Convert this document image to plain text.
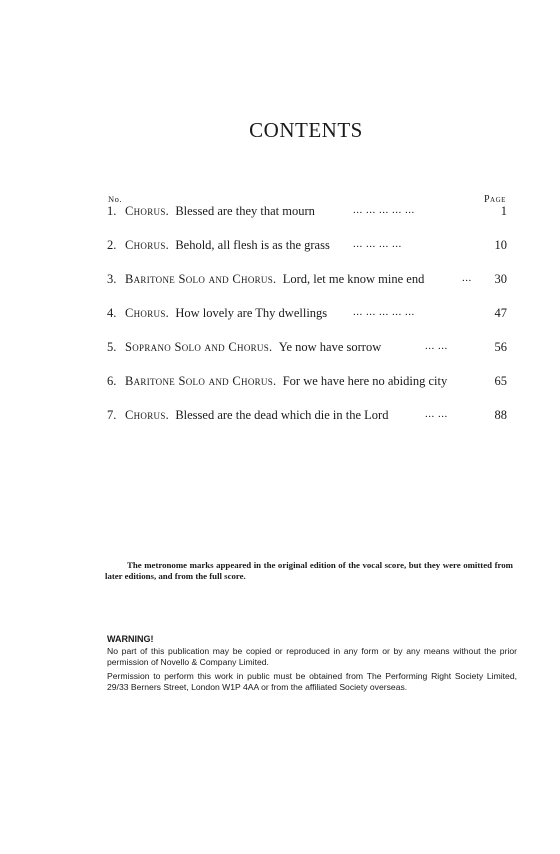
CONTENTS
No.	Page
1. Chorus. Blessed are they that mourn	... ... ... ... ...	1
2. Chorus. Behold, all flesh is as the grass ... ... ... ...	10
3. Baritone Solo and Chorus. Lord, let me know mine end	... 30
4. Chorus. How lovely are Thy dwellings ... ... ... ... ...	47
5. Soprano Solo and Chorus. Ye now have sorrow	... ...	56
6. Baritone Solo and Chorus. For we have here no abiding city	65
7. Chorus. Blessed are the dead which die in the Lord	... ...	88
The metronome marks appeared in the original edition of the vocal score, but they were omitted from later editions, and from the full score.
WARNING!
No part of this publication may be copied or reproduced in any form or by any means without the prior permission of Novello & Company Limited.
Permission to perform this work in public must be obtained from The Performing Right Society Limited, 29/33 Berners Street, London W1P 4AA or from the affiliated Society overseas.
